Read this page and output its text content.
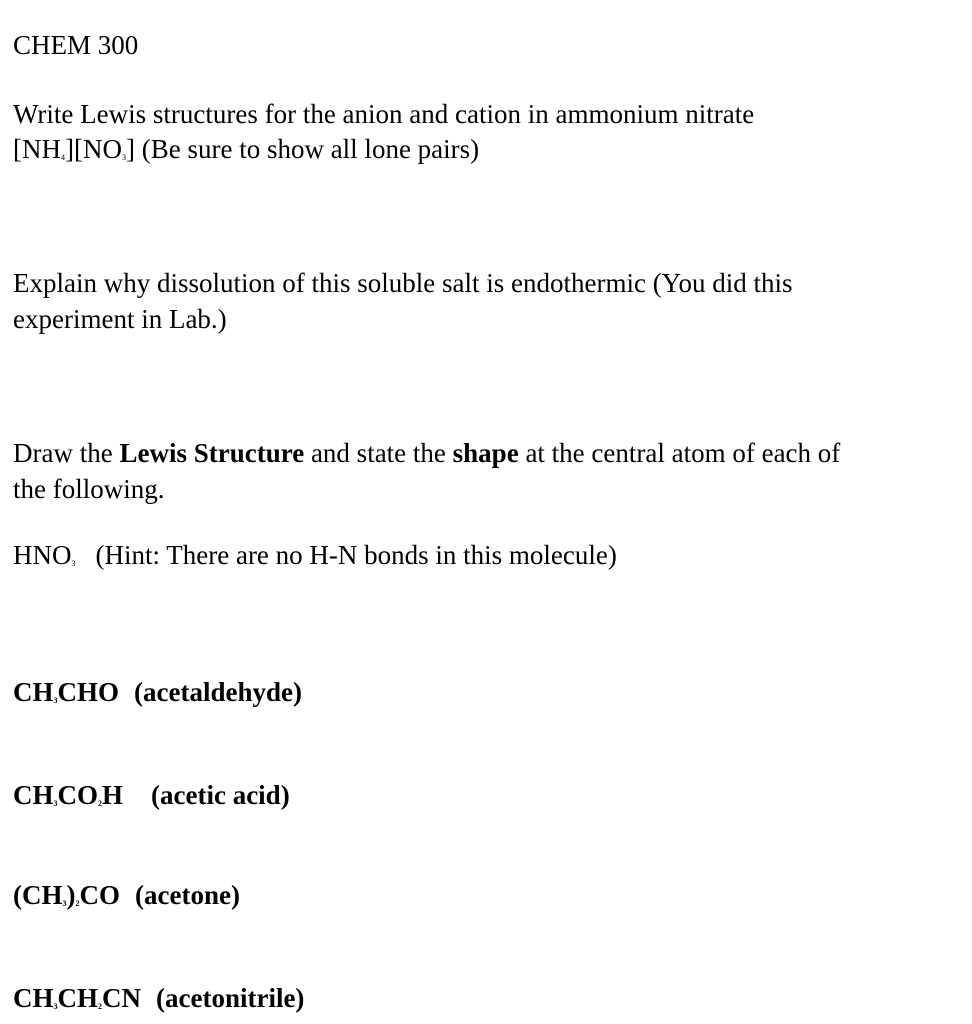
CHEM 300
Write Lewis structures for the anion and cation in ammonium nitrate
$[NH_4][NO_3]$ (Be sure to show all lone pairs)
Explain why dissolution of this soluble salt is endothermic (You did this
experiment in Lab.)
Draw the Lewis Structure and state the shape at the central atom of each of
the following.
$HNO_3$ (Hint: There are no H-N bonds in this molecule)
$CH_3CHO$ (acetaldehyde)
$CH_3CO_2H$ (acetic acid)
$(CH_3)_2CO$ (acetone)
$CH_3CH_2CN$ (acetonitrile)
